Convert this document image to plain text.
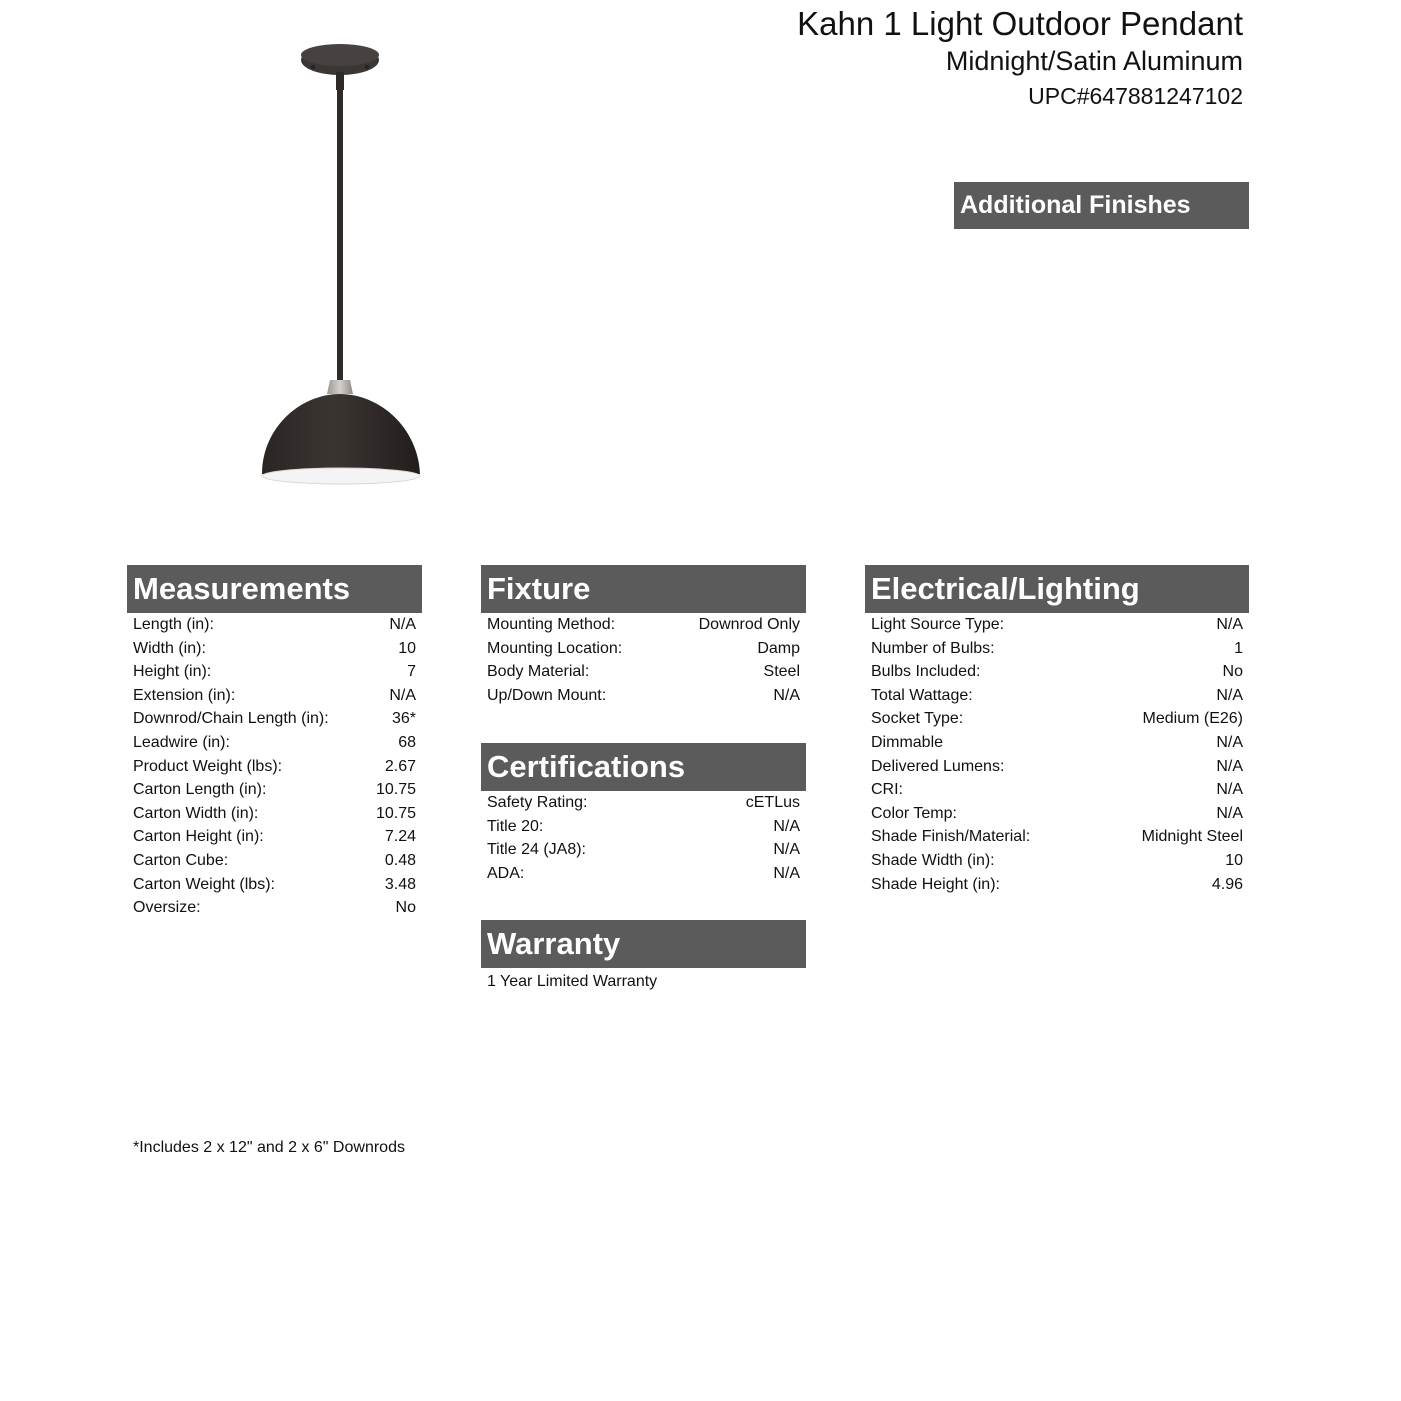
Kahn 1 Light Outdoor Pendant
Midnight/Satin Aluminum
UPC#647881247102
Additional Finishes
Measurements
Length (in):	N/A
Width (in):	10
Height (in):	7
Extension (in):	N/A
Downrod/Chain Length (in):	36*
Leadwire (in):	68
Product Weight (lbs):	2.67
Carton Length (in):	10.75
Carton Width (in):	10.75
Carton Height (in):	7.24
Carton Cube:	0.48
Carton Weight (lbs):	3.48
Oversize:	No
Fixture
Mounting Method:	Downrod Only
Mounting Location:	Damp
Body Material:	Steel
Up/Down Mount:	N/A
Certifications
Safety Rating:	cETLus
Title 20:	N/A
Title 24 (JA8):	N/A
ADA:	N/A
Warranty
1 Year Limited Warranty
Electrical/Lighting
Light Source Type:	N/A
Number of Bulbs:	1
Bulbs Included:	No
Total Wattage:	N/A
Socket Type:	Medium (E26)
Dimmable	N/A
Delivered Lumens:	N/A
CRI:	N/A
Color Temp:	N/A
Shade Finish/Material:	Midnight Steel
Shade Width (in):	10
Shade Height (in):	4.96
*Includes 2 x 12" and 2 x 6" Downrods
